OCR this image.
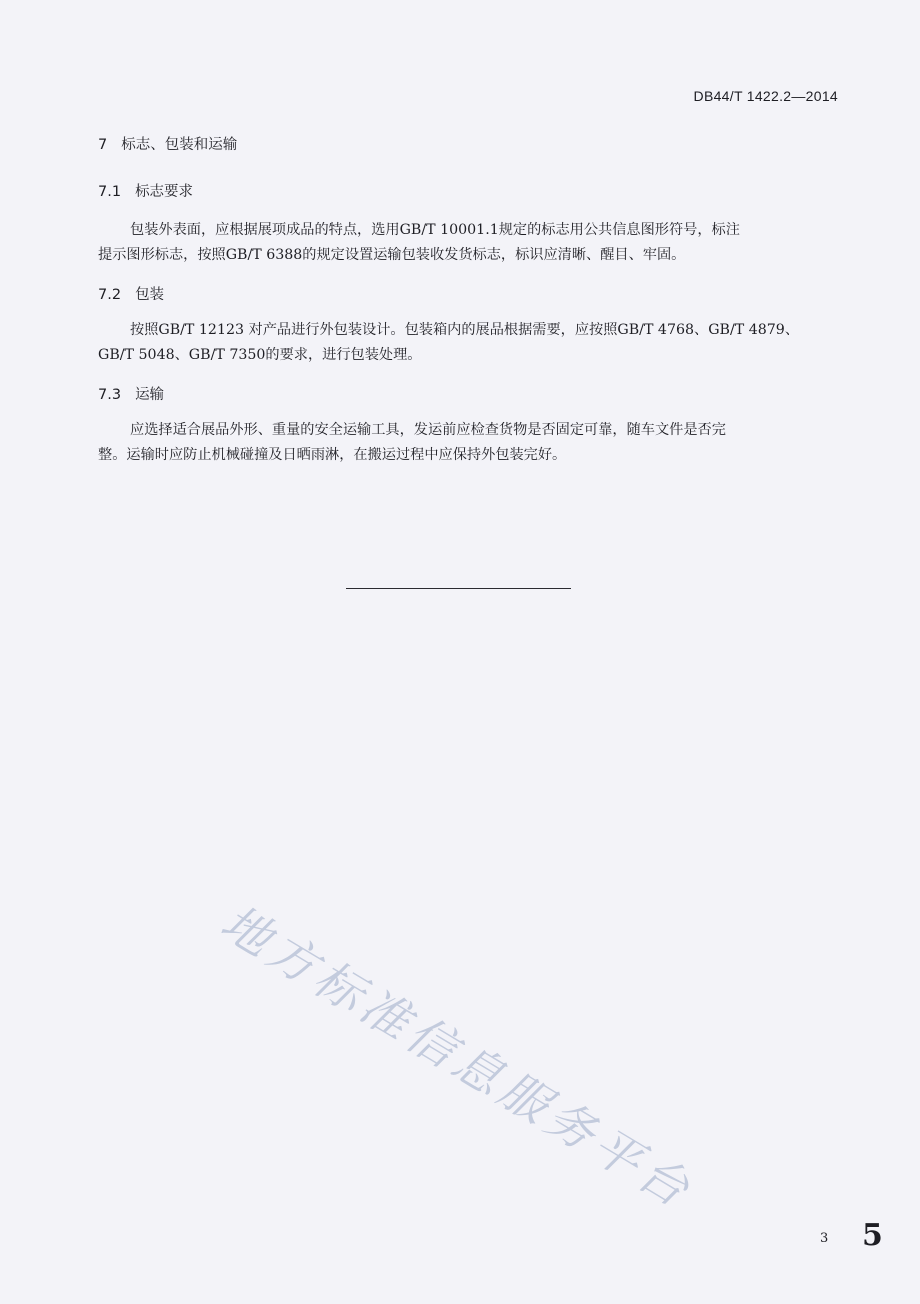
DB44/T 1422.2—2014
7 标志、包装和运输
7.1 标志要求
包装外表面，应根据展项成品的特点，选用GB/T 10001.1规定的标志用公共信息图形符号，标注
提示图形标志，按照GB/T 6388的规定设置运输包装收发货标志，标识应清晰、醒目、牢固。
7.2 包装
按照GB/T 12123 对产品进行外包装设计。包装箱内的展品根据需要，应按照GB/T 4768、GB/T 4879、
GB/T 5048、GB/T 7350的要求，进行包装处理。
7.3 运输
应选择适合展品外形、重量的安全运输工具，发运前应检查货物是否固定可靠，随车文件是否完
整。运输时应防止机械碰撞及日晒雨淋，在搬运过程中应保持外包装完好。
地方标准信息服务平台
3 5
